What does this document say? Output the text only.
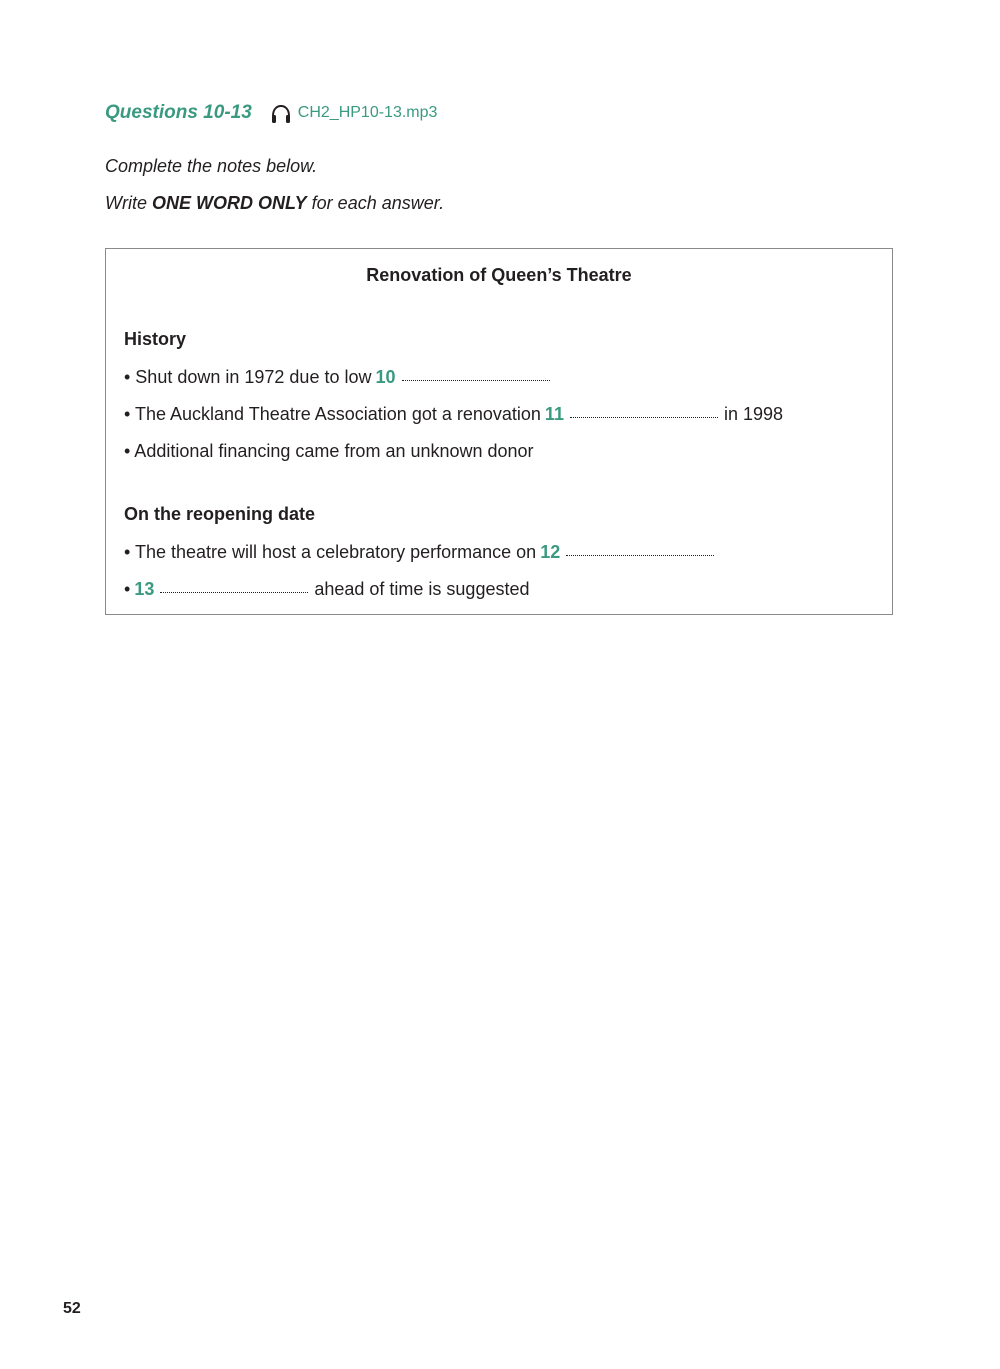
Questions 10-13	CH2_HP10-13.mp3

Complete the notes below.

Write ONE WORD ONLY for each answer.

Renovation of Queen’s Theatre
History
• Shut down in 1972 due to low 10
• The Auckland Theatre Association got a renovation 11	in 1998
• Additional financing came from an unknown donor
On the reopening date
• The theatre will host a celebratory performance on 12
• 13	ahead of time is suggested
52
